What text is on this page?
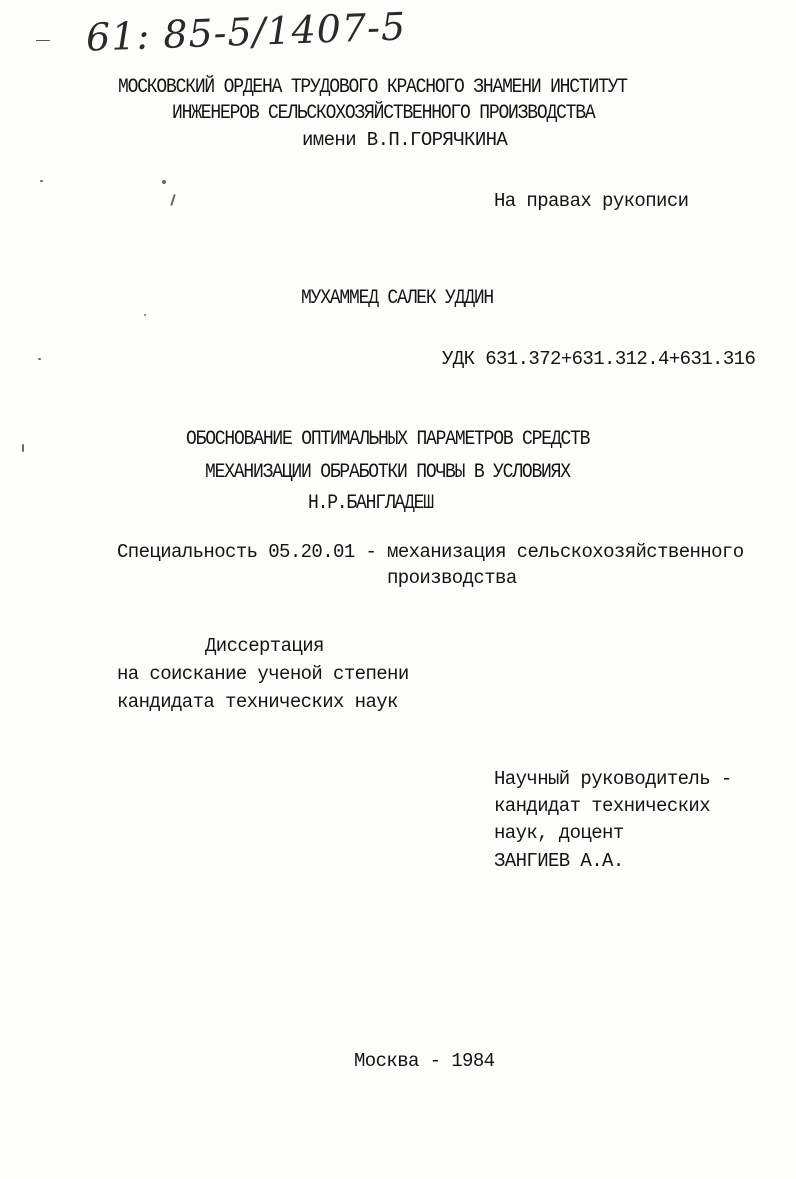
61: 85-5/1407-5
МОСКОВСКИЙ ОРДЕНА ТРУДОВОГО КРАСНОГО ЗНАМЕНИ ИНСТИТУТ
ИНЖЕНЕРОВ СЕЛЬСКОХОЗЯЙСТВЕННОГО ПРОИЗВОДСТВА
имени В.П.ГОРЯЧКИНА
На правах рукописи
МУХАММЕД САЛЕК УДДИН
УДК 631.372+631.312.4+631.316
ОБОСНОВАНИЕ ОПТИМАЛЬНЫХ ПАРАМЕТРОВ СРЕДСТВ
МЕХАНИЗАЦИИ ОБРАБОТКИ ПОЧВЫ В УСЛОВИЯХ
Н.Р.БАНГЛАДЕШ
Специальность 05.20.01 - механизация сельскохозяйственного
производства
Диссертация
на соискание ученой степени
кандидата технических наук
Научный руководитель -
кандидат технических
наук, доцент
ЗАНГИЕВ А.А.
Москва - 1984
